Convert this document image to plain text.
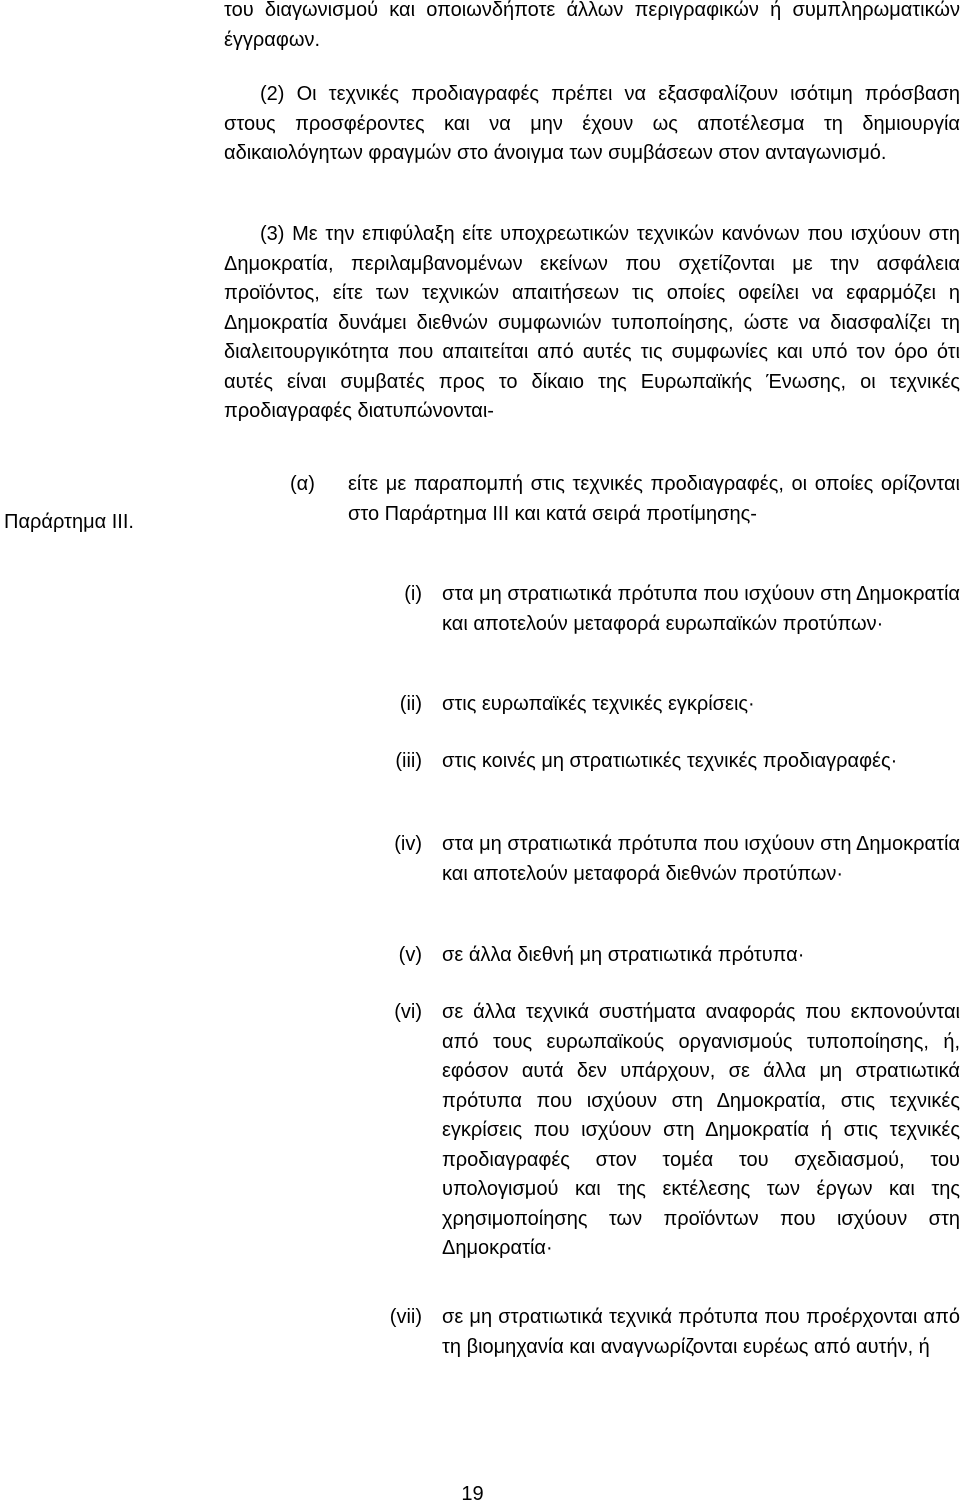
του διαγωνισμού και οποιωνδήποτε άλλων περιγραφικών ή συμπληρωματικών έγγραφων.

(2) Οι τεχνικές προδιαγραφές πρέπει να εξασφαλίζουν ισότιμη πρόσβαση στους προσφέροντες και να μην έχουν ως αποτέλεσμα τη δημιουργία αδικαιολόγητων φραγμών στο άνοιγμα των συμβάσεων στον ανταγωνισμό.

(3) Με την επιφύλαξη είτε υποχρεωτικών τεχνικών κανόνων που ισχύουν στη Δημοκρατία, περιλαμβανομένων εκείνων που σχετίζονται με την ασφάλεια προϊόντος, είτε των τεχνικών απαιτήσεων τις οποίες οφείλει να εφαρμόζει η Δημοκρατία δυνάμει διεθνών συμφωνιών τυποποίησης, ώστε να διασφαλίζει τη διαλειτουργικότητα που απαιτείται από αυτές τις συμφωνίες και υπό τον όρο ότι αυτές είναι συμβατές προς το δίκαιο της Ευρωπαϊκής Ένωσης, οι τεχνικές προδιαγραφές διατυπώνονται-

Παράρτημα ΙΙΙ.

(α) είτε με παραπομπή στις τεχνικές προδιαγραφές, οι οποίες ορίζονται στο Παράρτημα ΙΙΙ και κατά σειρά προτίμησης-

(i) στα μη στρατιωτικά πρότυπα που ισχύουν στη Δημοκρατία και αποτελούν μεταφορά ευρωπαϊκών προτύπων·
(ii) στις ευρωπαϊκές τεχνικές εγκρίσεις·
(iii) στις κοινές μη στρατιωτικές τεχνικές προδιαγραφές·
(iv) στα μη στρατιωτικά πρότυπα που ισχύουν στη Δημοκρατία και αποτελούν μεταφορά διεθνών προτύπων·
(v) σε άλλα διεθνή μη στρατιωτικά πρότυπα·
(vi) σε άλλα τεχνικά συστήματα αναφοράς που εκπονούνται από τους ευρωπαϊκούς οργανισμούς τυποποίησης, ή, εφόσον αυτά δεν υπάρχουν, σε άλλα μη στρατιωτικά πρότυπα που ισχύουν στη Δημοκρατία, στις τεχνικές εγκρίσεις που ισχύουν στη Δημοκρατία ή στις τεχνικές προδιαγραφές στον τομέα του σχεδιασμού, του υπολογισμού και της εκτέλεσης των έργων και της χρησιμοποίησης των προϊόντων που ισχύουν στη Δημοκρατία·
(vii) σε μη στρατιωτικά τεχνικά πρότυπα που προέρχονται από τη βιομηχανία και αναγνωρίζονται ευρέως από αυτήν, ή
19
